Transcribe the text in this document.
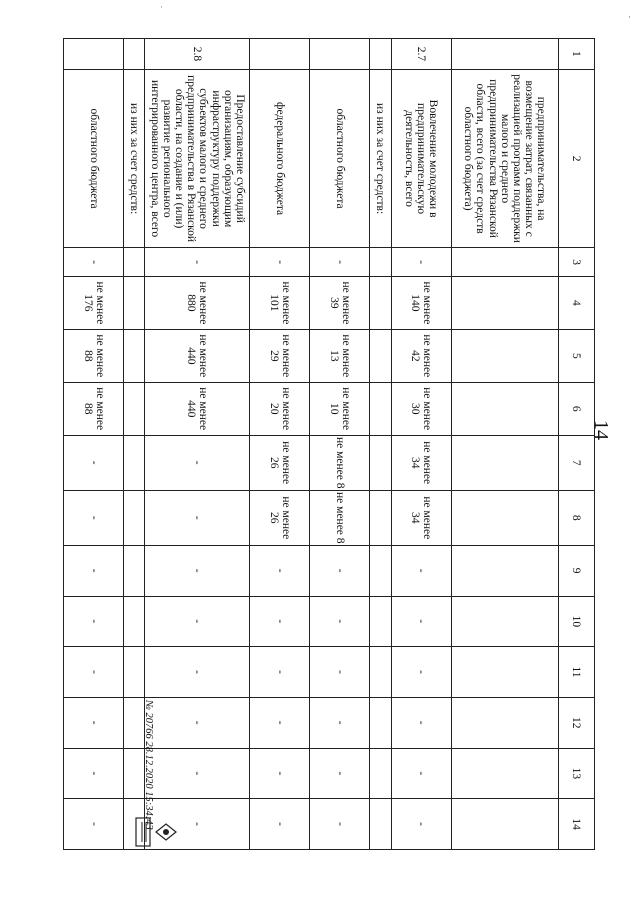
14
1	2	3	4	5	6	7	8	9	10	11	12	13	14
	предпринимательства, на возмещение затрат, связанных с реализацией программ поддержки малого и среднего предпринимательства Рязанской области, всего (за счет средств областного бюджета)												
2.7	Вовлечение молодежи в предпринимательскую деятельность, всего	-	не менее 140	не менее 42	не менее 30	не менее 34	не менее 34	-	-	-	-	-	-
	из них за счет средств:												
	областного бюджета	-	не менее 39	не менее 13	не менее 10	не менее 8	не менее 8	-	-	-	-	-	-
	федерального бюджета	-	не менее 101	не менее 29	не менее 20	не менее 26	не менее 26	-	-	-	-	-	-
2.8	Предоставление субсидий организациям, образующим инфраструктуру поддержки субъектов малого и среднего предпринимательства в Рязанской области, на создание и (или) развитие регионального интегрированного центра, всего	-	не менее 880	не менее 440	не менее 440	-	-	-	-	-	-	-	-
	из них за счет средств:												
	областного бюджета	-	не менее 176	не менее 88	не менее 88	-	-	-	-	-	-	-	-	№ 20766 28.12.2020 15:34:43
·
·
